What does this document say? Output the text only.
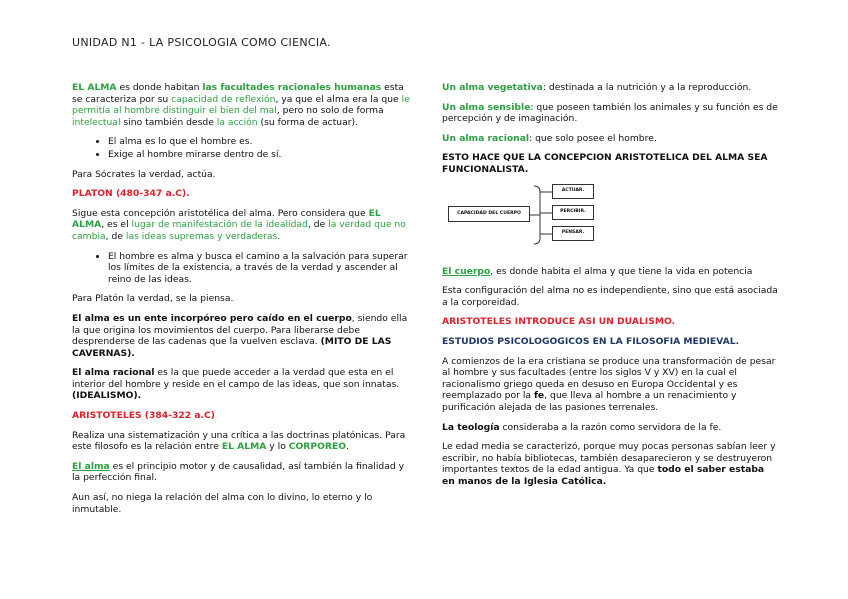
UNIDAD N1 - LA PSICOLOGIA COMO CIENCIA.

EL ALMA es donde habitan las facultades racionales humanas esta se caracteriza por su capacidad de reflexión, ya que el alma era la que le permitía al hombre distinguir el bien del mal, pero no solo de forma intelectual sino también desde la acción (su forma de actuar).

• El alma es lo que el hombre es.
• Exige al hombre mirarse dentro de sí.

Para Sócrates la verdad, actúa.

PLATON (480-347 a.C).

Sigue esta concepción aristotélica del alma. Pero considera que EL ALMA, es el lugar de manifestación de la idealidad, de la verdad que no cambia, de las ideas supremas y verdaderas.

• El hombre es alma y busca el camino a la salvación para superar los límites de la existencia, a través de la verdad y ascender al reino de las ideas.

Para Platón la verdad, se la piensa.

El alma es un ente incorpóreo pero caído en el cuerpo, siendo ella la que origina los movimientos del cuerpo. Para liberarse debe desprenderse de las cadenas que la vuelven esclava. (MITO DE LAS CAVERNAS).

El alma racional es la que puede acceder a la verdad que esta en el interior del hombre y reside en el campo de las ideas, que son innatas. (IDEALISMO).

ARISTOTELES (384-322 a.C)

Realiza una sistematización y una crítica a las doctrinas platónicas. Para este filosofo es la relación entre EL ALMA y lo CORPOREO.

El alma es el principio motor y de causalidad, así también la finalidad y la perfección final.

Aun así, no niega la relación del alma con lo divino, lo eterno y lo inmutable.

Un alma vegetativa: destinada a la nutrición y a la reproducción.

Un alma sensible: que poseen también los animales y su función es de percepción y de imaginación.

Un alma racional: que solo posee el hombre.

ESTO HACE QUE LA CONCEPCION ARISTOTELICA DEL ALMA SEA FUNCIONALISTA.

CAPACIDAD DEL CUERPO
ACTUAR.
PERCIBIR.
PENSAR.

El cuerpo, es donde habita el alma y que tiene la vida en potencia

Esta configuración del alma no es independiente, sino que está asociada a la corporeidad.

ARISTOTELES INTRODUCE ASI UN DUALISMO.

ESTUDIOS PSICOLOGOGICOS EN LA FILOSOFIA MEDIEVAL.

A comienzos de la era cristiana se produce una transformación de pesar al hombre y sus facultades (entre los siglos V y XV) en la cual el racionalismo griego queda en desuso en Europa Occidental y es reemplazado por la fe, que lleva al hombre a un renacimiento y purificación alejada de las pasiones terrenales.

La teología consideraba a la razón como servidora de la fe.

Le edad media se caracterizó, porque muy pocas personas sabían leer y escribir, no había bibliotecas, también desaparecieron y se destruyeron importantes textos de la edad antigua. Ya que todo el saber estaba en manos de la Iglesia Católica.
